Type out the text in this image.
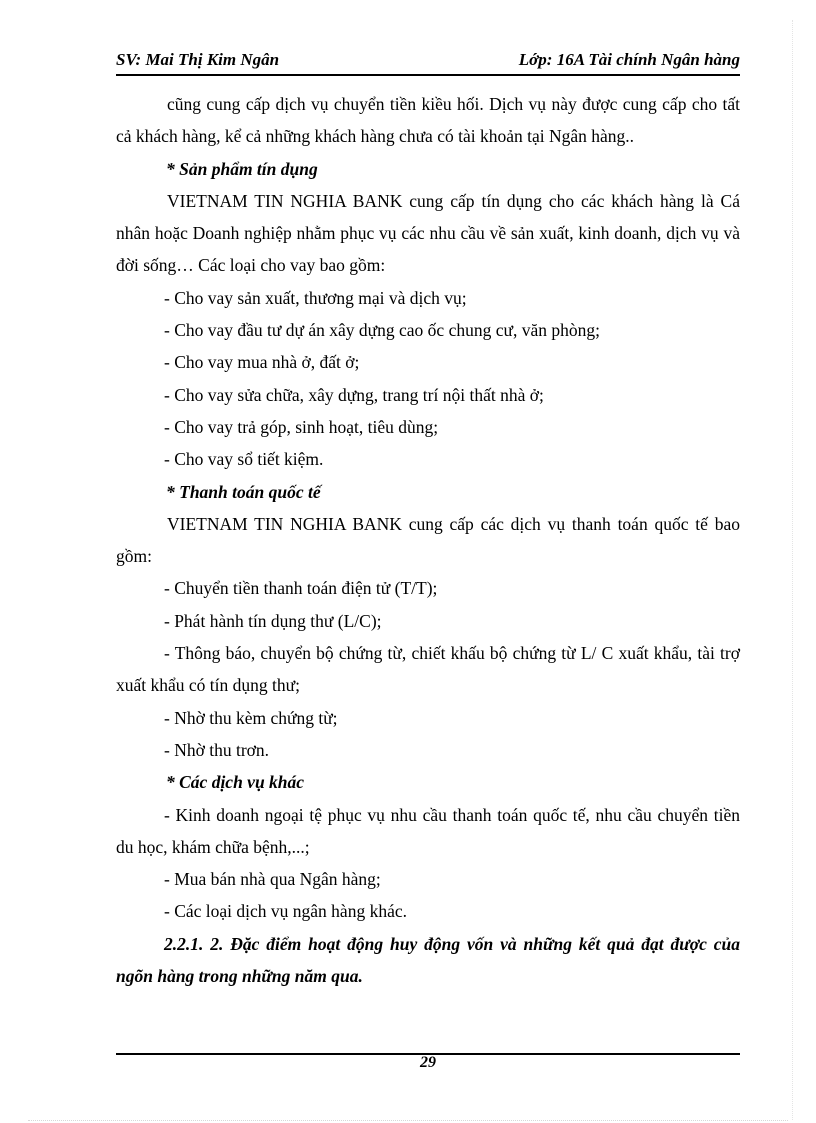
SV: Mai Thị Kim Ngân	Lớp: 16A Tài chính Ngân hàng

cũng cung cấp dịch vụ chuyển tiền kiều hối. Dịch vụ này được cung cấp cho tất cả khách hàng, kể cả những khách hàng chưa có tài khoản tại Ngân hàng..

* Sản phẩm tín dụng

VIETNAM TIN NGHIA BANK cung cấp tín dụng cho các khách hàng là Cá nhân hoặc Doanh nghiệp nhằm phục vụ các nhu cầu về sản xuất, kinh doanh, dịch vụ và đời sống… Các loại cho vay bao gồm:

- Cho vay sản xuất, thương mại và dịch vụ;

- Cho vay đầu tư dự án xây dựng cao ốc chung cư, văn phòng;

- Cho vay mua nhà ở, đất ở;

- Cho vay sửa chữa, xây dựng, trang trí nội thất nhà ở;

- Cho vay trả góp, sinh hoạt, tiêu dùng;

- Cho vay sổ tiết kiệm.

* Thanh toán quốc tế

VIETNAM TIN NGHIA BANK cung cấp các dịch vụ thanh toán quốc tế bao gồm:

- Chuyển tiền thanh toán điện tử (T/T);

- Phát hành tín dụng thư (L/C);

- Thông báo, chuyển bộ chứng từ, chiết khấu bộ chứng từ L/ C xuất khẩu, tài trợ xuất khẩu có tín dụng thư;

- Nhờ thu kèm chứng từ;

- Nhờ thu trơn.

* Các dịch vụ khác

- Kinh doanh ngoại tệ phục vụ nhu cầu thanh toán quốc tế, nhu cầu chuyển tiền du học, khám chữa bệnh,...;

- Mua bán nhà qua Ngân hàng;

- Các loại dịch vụ ngân hàng khác.

2.2.1. 2. Đặc điểm hoạt động huy động vốn và những kết quả đạt được của ngõn hàng trong những năm qua.

29
